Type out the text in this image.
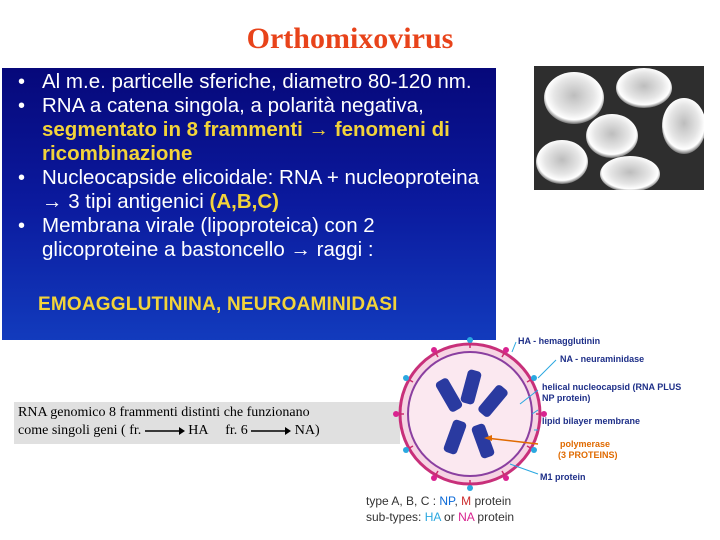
Orthomixovirus
• Al m.e. particelle sferiche, diametro 80-120 nm.
• RNA a catena singola, a polarità negativa,
segmentato in 8 frammenti → fenomeni di ricombinazione
• Nucleocapside elicoidale: RNA + nucleoproteina → 3 tipi antigenici (A,B,C)
• Membrana virale (lipoproteica) con 2 glicoproteine a bastoncello → raggi :
EMOAGGLUTININA, NEUROAMINIDASI
RNA genomico 8 frammenti distinti che funzionano
come singoli geni ( fr.	HA fr. 6	NA)
HA - hemagglutinin
NA - neuraminidase
helical nucleocapsid (RNA PLUS
NP protein)
lipid bilayer membrane
polymerase
(3 PROTEINS)
M1 protein
type A, B, C : NP, M protein
sub-types: HA or NA protein
